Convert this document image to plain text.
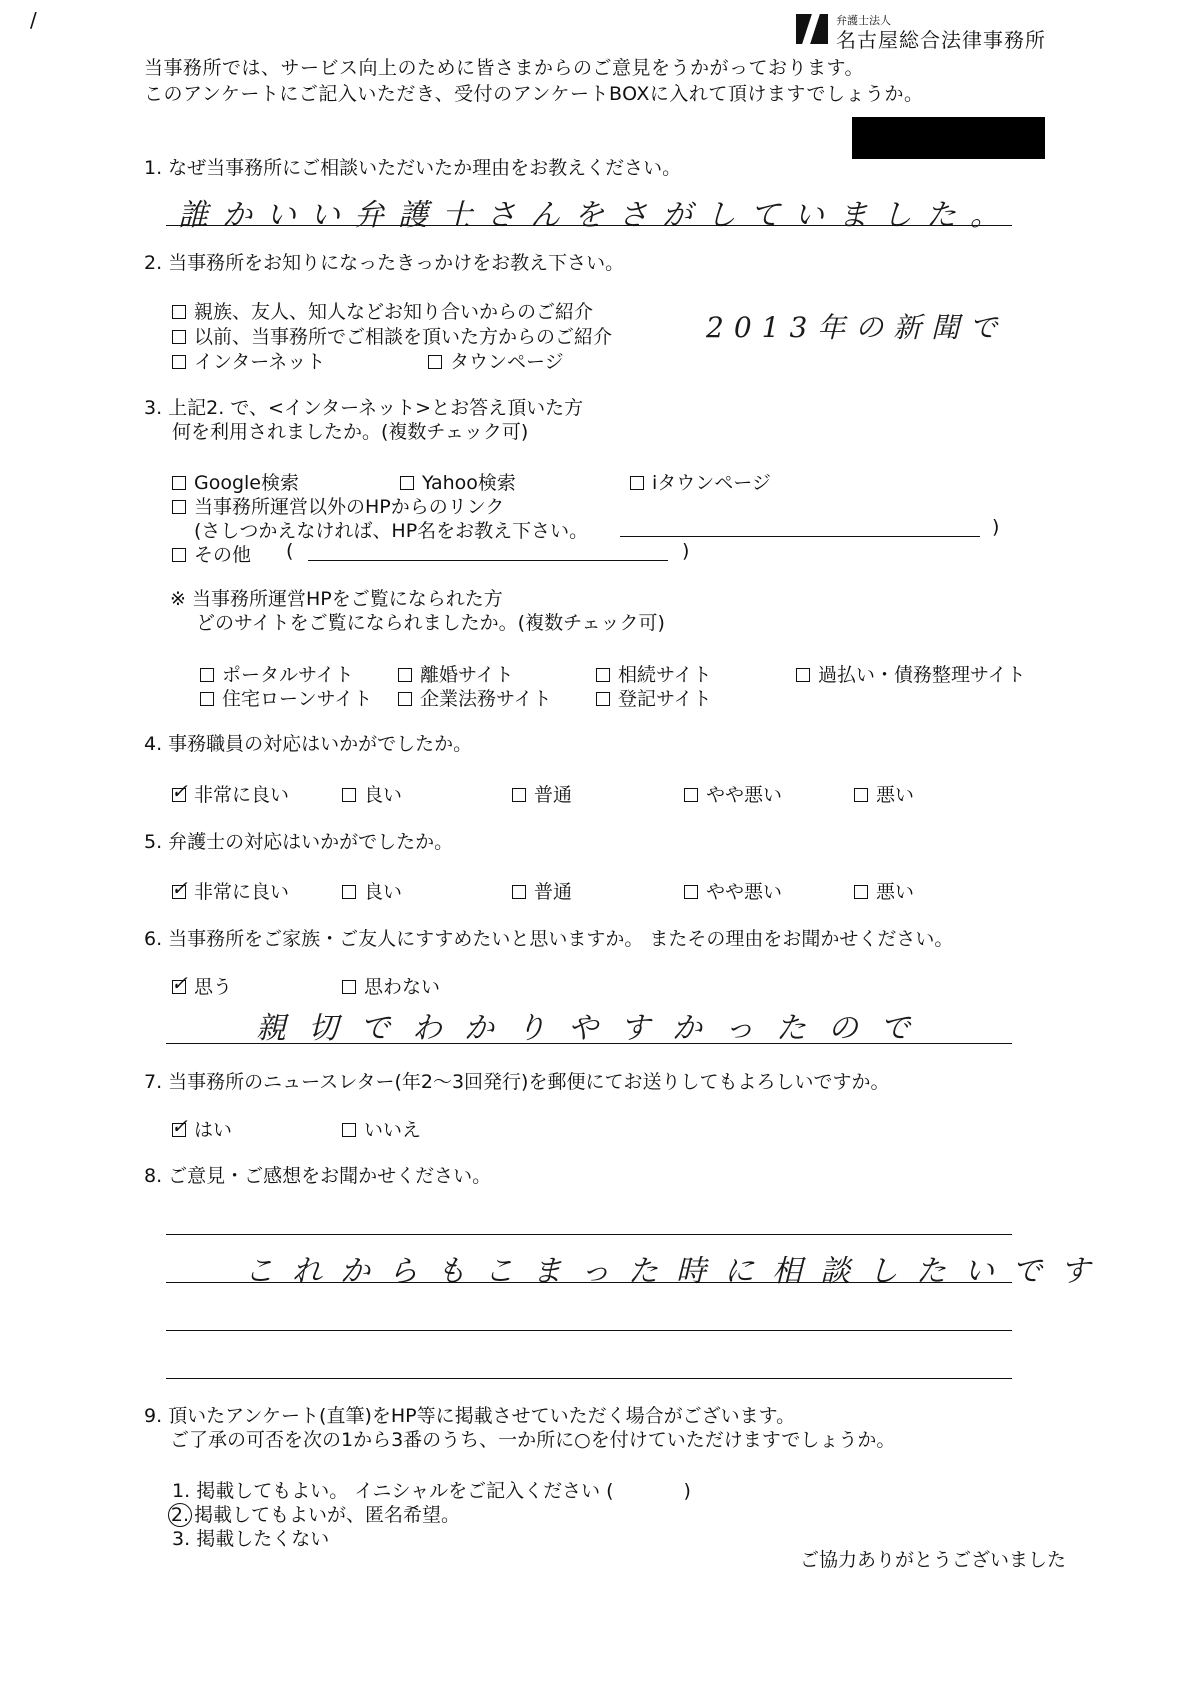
/	弁護士法人
名古屋総合法律事務所
当事務所では、サービス向上のために皆さまからのご意見をうかがっております。
このアンケートにご記入いただき、受付のアンケートBOXに入れて頂けますでしょうか。
1. なぜ当事務所にご相談いただいたか理由をお教えください。
誰かいい弁護士さんをさがしていました。
2. 当事務所をお知りになったきっかけをお教え下さい。
親族、友人、知人などお知り合いからのご紹介
以前、当事務所でご相談を頂いた方からのご紹介
インターネット	タウンページ
2013年の新聞で
3. 上記2. で、<インターネット>とお答え頂いた方
何を利用されましたか。(複数チェック可)
Google検索	Yahoo検索	iタウンページ
当事務所運営以外のHPからのリンク
(さしつかえなければ、HP名をお教え下さい。	)
その他 (	)
※ 当事務所運営HPをご覧になられた方
どのサイトをご覧になられましたか。(複数チェック可)
ポータルサイト	離婚サイト	相続サイト	過払い・債務整理サイト
住宅ローンサイト	企業法務サイト	登記サイト
4. 事務職員の対応はいかがでしたか。
✓ 非常に良い	良い	普通	やや悪い	悪い
5. 弁護士の対応はいかがでしたか。
✓ 非常に良い	良い	普通	やや悪い	悪い
6. 当事務所をご家族・ご友人にすすめたいと思いますか。 またその理由をお聞かせください。
✓ 思う	思わない
親切でわかりやすかったので
7. 当事務所のニュースレター(年2～3回発行)を郵便にてお送りしてもよろしいですか。
✓ はい	いいえ
8. ご意見・ご感想をお聞かせください。
これからもこまった時に相談したいです
9. 頂いたアンケート(直筆)をHP等に掲載させていただく場合がございます。
ご了承の可否を次の1から3番のうち、一か所に○を付けていただけますでしょうか。
1. 掲載してもよい。 イニシャルをご記入ください (	)
2. 掲載してもよいが、匿名希望。
3. 掲載したくない
ご協力ありがとうございました
